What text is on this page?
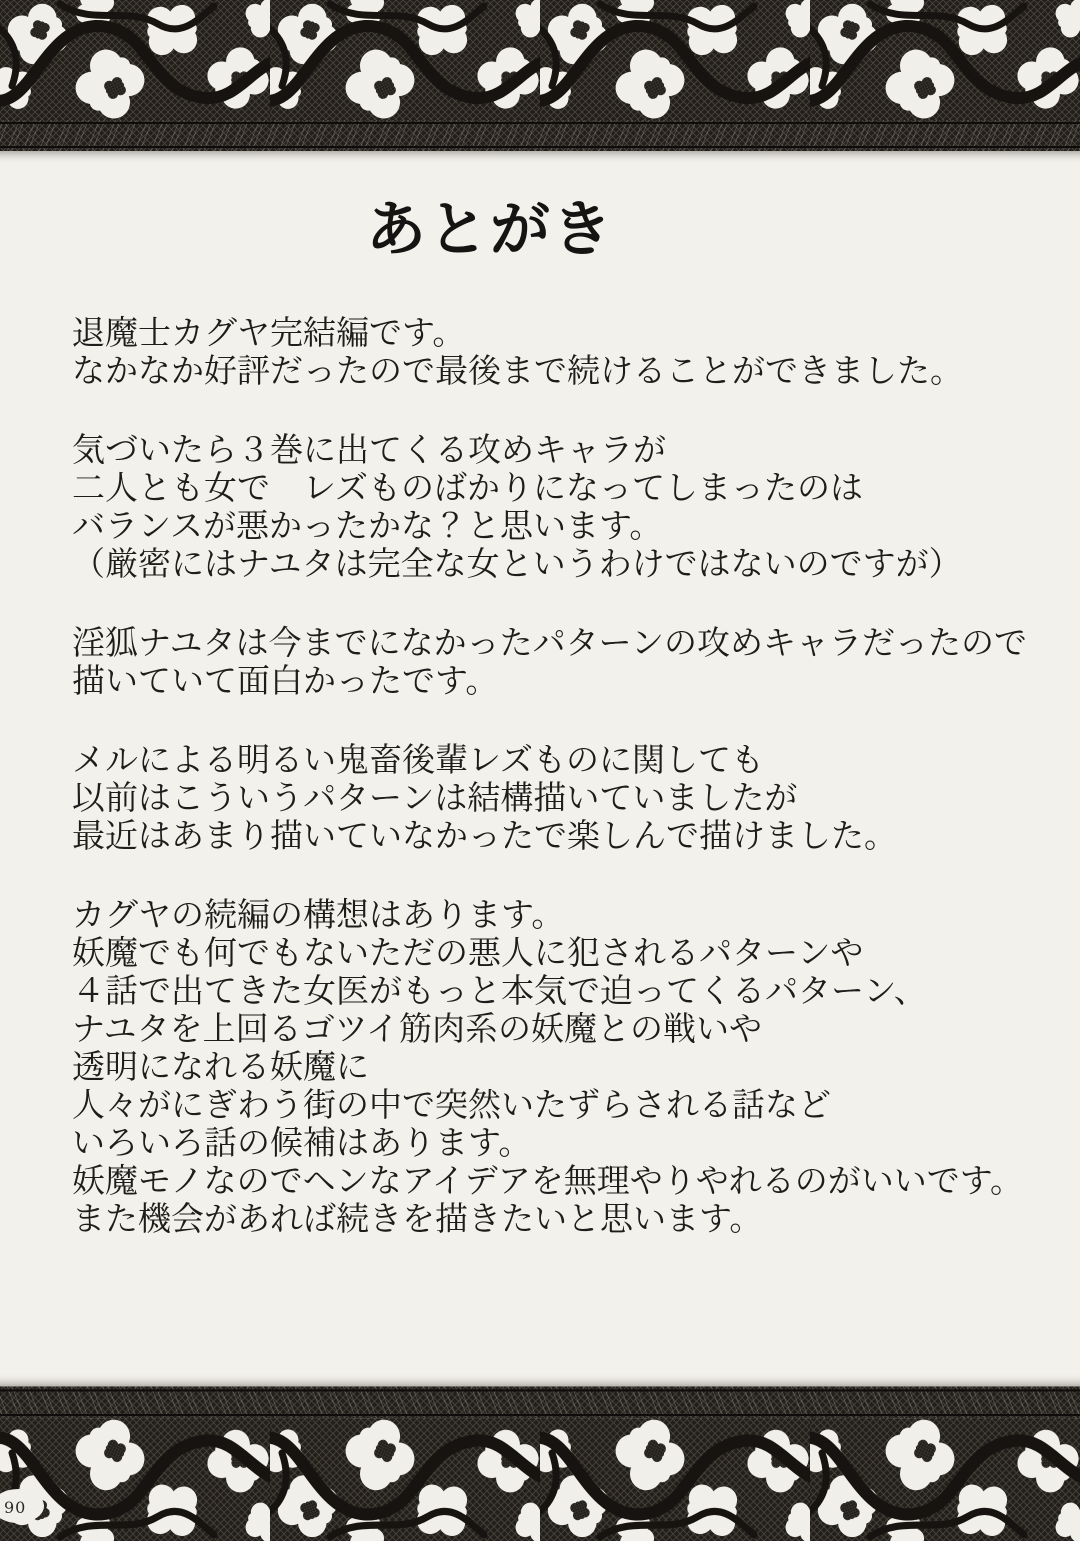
あとがき
退魔士カグヤ完結編です。
なかなか好評だったので最後まで続けることができました。
気づいたら３巻に出てくる攻めキャラが
二人とも女で　レズものばかりになってしまったのは
バランスが悪かったかな？と思います。
（厳密にはナユタは完全な女というわけではないのですが）
淫狐ナユタは今までになかったパターンの攻めキャラだったので
描いていて面白かったです。
メルによる明るい鬼畜後輩レズものに関しても
以前はこういうパターンは結構描いていましたが
最近はあまり描いていなかったで楽しんで描けました。
カグヤの続編の構想はあります。
妖魔でも何でもないただの悪人に犯されるパターンや
４話で出てきた女医がもっと本気で迫ってくるパターン、
ナユタを上回るゴツイ筋肉系の妖魔との戦いや
透明になれる妖魔に
人々がにぎわう街の中で突然いたずらされる話など
いろいろ話の候補はあります。
妖魔モノなのでヘンなアイデアを無理やりやれるのがいいです。
また機会があれば続きを描きたいと思います。
90
